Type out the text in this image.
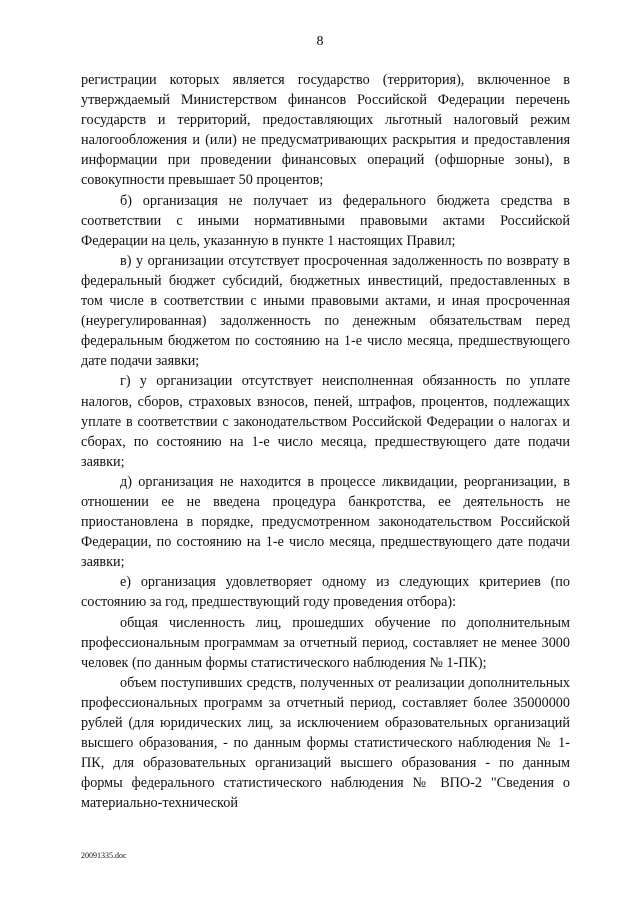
8

регистрации которых является государство (территория), включенное в утверждаемый Министерством финансов Российской Федерации перечень государств и территорий, предоставляющих льготный налоговый режим налогообложения и (или) не предусматривающих раскрытия и предоставления информации при проведении финансовых операций (офшорные зоны), в совокупности превышает 50 процентов;

б) организация не получает из федерального бюджета средства в соответствии с иными нормативными правовыми актами Российской Федерации на цель, указанную в пункте 1 настоящих Правил;

в) у организации отсутствует просроченная задолженность по возврату в федеральный бюджет субсидий, бюджетных инвестиций, предоставленных в том числе в соответствии с иными правовыми актами, и иная просроченная (неурегулированная) задолженность по денежным обязательствам перед федеральным бюджетом по состоянию на 1-е число месяца, предшествующего дате подачи заявки;

г) у организации отсутствует неисполненная обязанность по уплате налогов, сборов, страховых взносов, пеней, штрафов, процентов, подлежащих уплате в соответствии с законодательством Российской Федерации о налогах и сборах, по состоянию на 1-е число месяца, предшествующего дате подачи заявки;

д) организация не находится в процессе ликвидации, реорганизации, в отношении ее не введена процедура банкротства, ее деятельность не приостановлена в порядке, предусмотренном законодательством Российской Федерации, по состоянию на 1-е число месяца, предшествующего дате подачи заявки;

е) организация удовлетворяет одному из следующих критериев (по состоянию за год, предшествующий году проведения отбора):

общая численность лиц, прошедших обучение по дополнительным профессиональным программам за отчетный период, составляет не менее 3000 человек (по данным формы статистического наблюдения № 1-ПК);

объем поступивших средств, полученных от реализации дополнительных профессиональных программ за отчетный период, составляет более 35000000 рублей (для юридических лиц, за исключением образовательных организаций высшего образования, - по данным формы статистического наблюдения № 1-ПК, для образовательных организаций высшего образования - по данным формы федерального статистического наблюдения № ВПО-2 "Сведения о материально-технической

20091335.doc
